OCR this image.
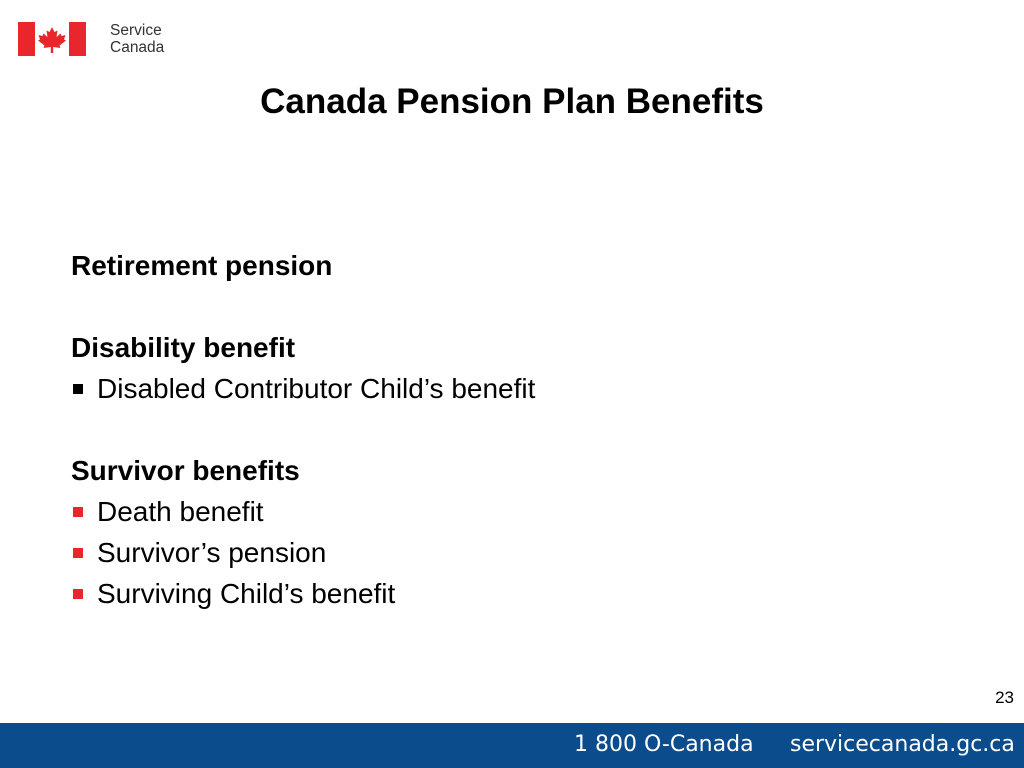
Service
Canada
Canada Pension Plan Benefits

Retirement pension

Disability benefit

Disabled Contributor Child’s benefit

Survivor benefits

Death benefit
Survivor’s pension
Surviving Child’s benefit
23
1 800 O-Canada servicecanada.gc.ca
